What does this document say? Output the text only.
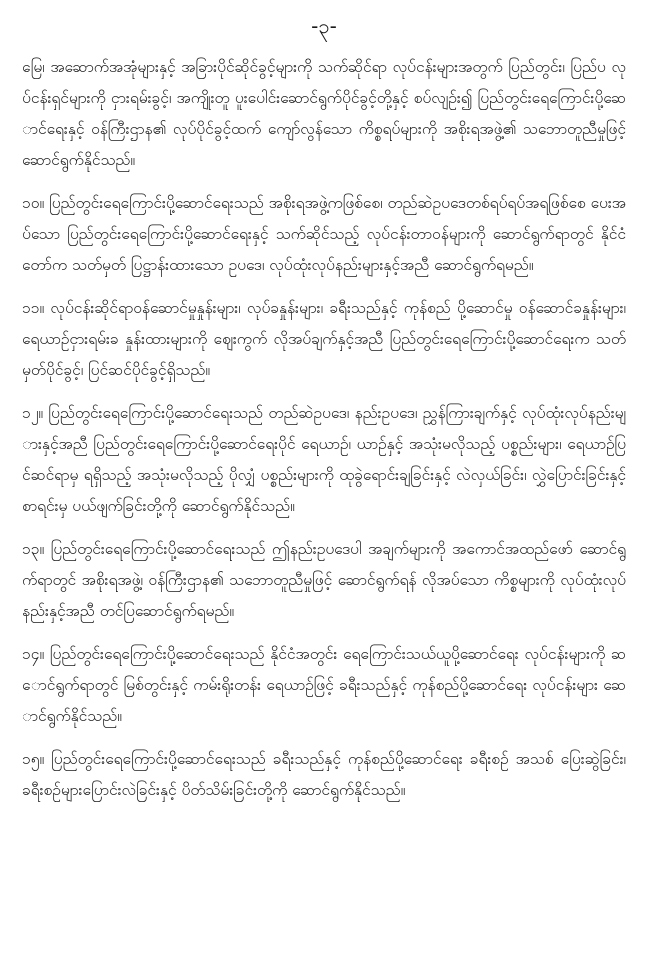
-၃-

မြေ၊ အဆောက်အအုံများနှင့် အခြားပိုင်ဆိုင်ခွင့်များကို သက်ဆိုင်ရာ လုပ်ငန်းများအတွက် ပြည်တွင်း၊ ပြည်ပ လုပ်ငန်းရှင်များကို ငှားရမ်းခွင့်၊ အကျိုးတူ ပူးပေါင်းဆောင်ရွက်ပိုင်ခွင့်တို့နှင့် စပ်လျဉ်း၍ ပြည်တွင်းရေကြောင်းပို့ဆောင်ရေးနှင့် ဝန်ကြီးဌာန၏ လုပ်ပိုင်ခွင့်ထက် ကျော်လွန်သော ကိစ္စရပ်များကို အစိုးရအဖွဲ့၏ သဘောတူညီမှုဖြင့် ဆောင်ရွက်နိုင်သည်။

၁၀။ ပြည်တွင်းရေကြောင်းပို့ဆောင်ရေးသည် အစိုးရအဖွဲ့ကဖြစ်စေ၊ တည်ဆဲဥပဒေတစ်ရပ်ရပ်အရဖြစ်စေ ပေးအပ်သော ပြည်တွင်းရေကြောင်းပို့ဆောင်ရေးနှင့် သက်ဆိုင်သည့် လုပ်ငန်းတာဝန်များကို ဆောင်ရွက်ရာတွင် နိုင်ငံတော်က သတ်မှတ် ပြဋ္ဌာန်းထားသော ဥပဒေ၊ လုပ်ထုံးလုပ်နည်းများနှင့်အညီ ဆောင်ရွက်ရမည်။

၁၁။ လုပ်ငန်းဆိုင်ရာဝန်ဆောင်မှုနှုန်းများ၊ လုပ်ခနှုန်းများ၊ ခရီးသည်နှင့် ကုန်စည် ပို့ဆောင်မှု ဝန်ဆောင်ခနှုန်းများ၊ ရေယာဉ်ငှားရမ်းခ နှုန်းထားများကို ဈေးကွက် လိုအပ်ချက်နှင့်အညီ ပြည်တွင်းရေကြောင်းပို့ဆောင်ရေးက သတ်မှတ်ပိုင်ခွင့်၊ ပြင်ဆင်ပိုင်ခွင့်ရှိသည်။

၁၂။ ပြည်တွင်းရေကြောင်းပို့ဆောင်ရေးသည် တည်ဆဲဥပဒေ၊ နည်းဥပဒေ၊ ညွှန်ကြားချက်နှင့် လုပ်ထုံးလုပ်နည်းများနှင့်အညီ ပြည်တွင်းရေကြောင်းပို့ဆောင်ရေးပိုင် ရေယာဉ်၊ ယာဉ်နှင့် အသုံးမလိုသည့် ပစ္စည်းများ၊ ရေယာဉ်ပြင်ဆင်ရာမှ ရရှိသည့် အသုံးမလိုသည့် ပိုလျှံ ပစ္စည်းများကို ထုခွဲရောင်းချခြင်းနှင့် လဲလှယ်ခြင်း၊ လွှဲပြောင်းခြင်းနှင့် စာရင်းမှ ပယ်ဖျက်ခြင်းတို့ကို ဆောင်ရွက်နိုင်သည်။

၁၃။ ပြည်တွင်းရေကြောင်းပို့ဆောင်ရေးသည် ဤနည်းဥပဒေပါ အချက်များကို အကောင်အထည်ဖော် ဆောင်ရွက်ရာတွင် အစိုးရအဖွဲ့၊ ဝန်ကြီးဌာန၏ သဘောတူညီမှုဖြင့် ဆောင်ရွက်ရန် လိုအပ်သော ကိစ္စများကို လုပ်ထုံးလုပ်နည်းနှင့်အညီ တင်ပြဆောင်ရွက်ရမည်။

၁၄။ ပြည်တွင်းရေကြောင်းပို့ဆောင်ရေးသည် နိုင်ငံအတွင်း ရေကြောင်းသယ်ယူပို့ဆောင်ရေး လုပ်ငန်းများကို ဆောင်ရွက်ရာတွင် မြစ်တွင်းနှင့် ကမ်းရိုးတန်း ရေယာဉ်ဖြင့် ခရီးသည်နှင့် ကုန်စည်ပို့ဆောင်ရေး လုပ်ငန်းများ ဆောင်ရွက်နိုင်သည်။

၁၅။ ပြည်တွင်းရေကြောင်းပို့ဆောင်ရေးသည် ခရီးသည်နှင့် ကုန်စည်ပို့ဆောင်ရေး ခရီးစဉ် အသစ် ပြေးဆွဲခြင်း၊ ခရီးစဉ်များပြောင်းလဲခြင်းနှင့် ပိတ်သိမ်းခြင်းတို့ကို ဆောင်ရွက်နိုင်သည်။
